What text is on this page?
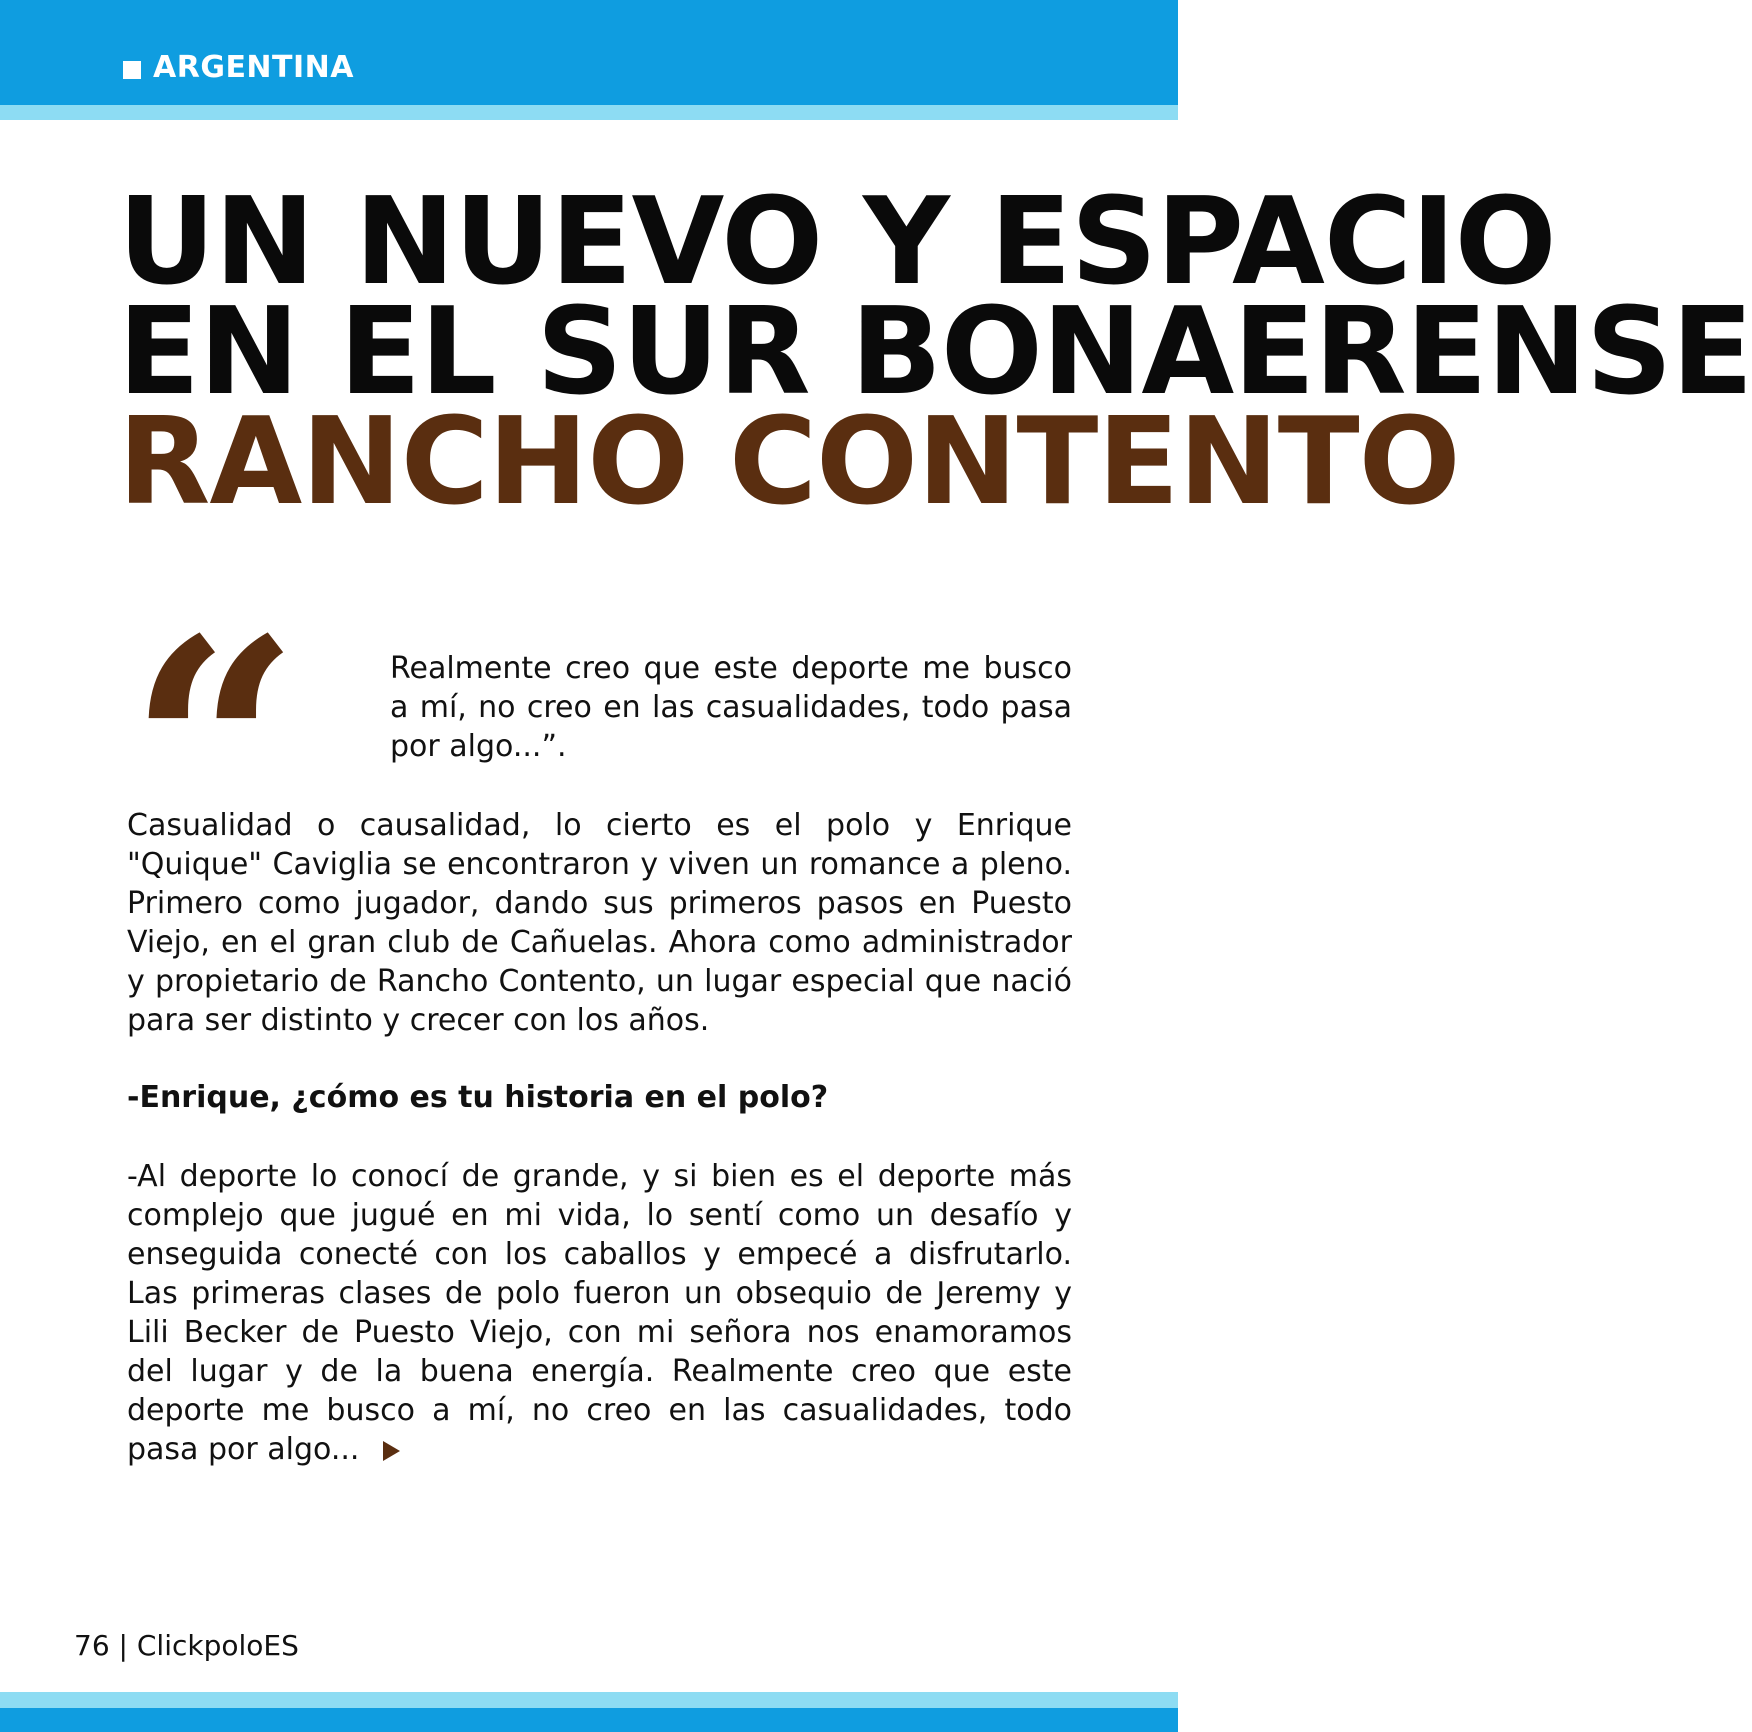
ARGENTINA
UN NUEVO Y ESPACIO
EN EL SUR BONAERENSE
RANCHO CONTENTO
“	Realmente creo que este deporte me busco a mí, no creo en las casualidades, todo pasa por algo...”.

Casualidad o causalidad, lo cierto es el polo y Enrique "Quique" Caviglia se encontraron y viven un romance a pleno. Primero como jugador, dando sus primeros pasos en Puesto Viejo, en el gran club de Cañuelas. Ahora como administrador y propietario de Rancho Contento, un lugar especial que nació para ser distinto y crecer con los años.

-Enrique, ¿cómo es tu historia en el polo?

-Al deporte lo conocí de grande, y si bien es el deporte más complejo que jugué en mi vida, lo sentí como un desafío y enseguida conecté con los caballos y empecé a disfrutarlo. Las primeras clases de polo fueron un obsequio de Jeremy y Lili Becker de Puesto Viejo, con mi señora nos enamoramos del lugar y de la buena energía. Realmente creo que este deporte me busco a mí, no creo en las casualidades, todo pasa por algo...

76 | ClickpoloES
